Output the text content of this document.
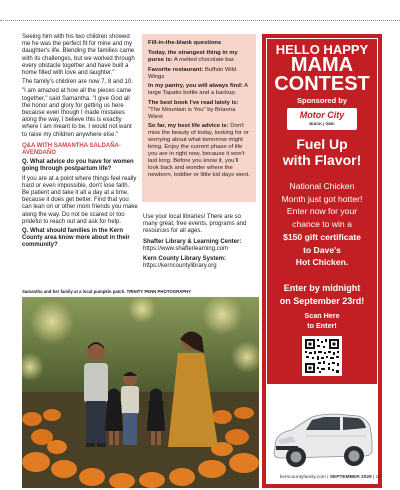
Seeing him with his two children showed me he was the perfect fit for mine and my daughter's life. Blending the families came with its challenges, but we worked through every obstacle together and have built a home filled with love and laughter."

The family's children are now 7, 8 and 10.

"I am amazed at how all the pieces came together," said Samantha. "I give God all the honor and glory for getting us here because even though I made mistakes along the way, I believe this is exactly where I am meant to be. I would not want to raise my children anywhere else."

Q&A WITH SAMANTHA SALDAÑA-AVENDAÑO

Q. What advice do you have for women going through postpartum life?

If you are at a point where things feel really hard or even impossible, don't lose faith. Be patient and take it all a day at a time, because it does get better. Find that you can lean on or other mom friends you make along the way. Do not be scared or too prideful to reach out and ask for help.

Q. What should families in the Kern County area know more about in their community?

Fill-in-the-blank questions

Today, the strangest thing in my purse is: A melted chocolate bar.

Favorite restaurant: Buffalo Wild Wings

In my pantry, you will always find: A large Tapatio bottle and a backup.

The best book I've read lately is: "The Mountain is You" by Brianna Wiest

So far, my best life advice is: Don't miss the beauty of today, looking for or worrying about what tomorrow might bring. Enjoy the current phase of life you are in right now, because it won't last long. Before you know it, you'll look back and wonder where the newborn, toddler or little kid days went.

Use your local libraries! There are so many great, free events, programs and resources for all ages.

Shafter Library & Learning Center: https://www.shafterlearning.com

Kern County Library System: https://kerncountylibrary.org

Samantha and her family at a local pumpkin patch. TRINITY PENN PHOTOGRAPHY
HELLO HAPPY
MAMA
CONTEST
Sponsored by
Motor City
BUICK | GMC
Fuel Up
with Flavor!
National Chicken
Month just got hotter!
Enter now for your
chance to win a
$150 gift certificate
to Dave's
Hot Chicken.
Enter by midnight
on September 23rd!
Scan Here
to Enter!
kerncountyfamily.com | SEPTEMBER 2025 | 13
